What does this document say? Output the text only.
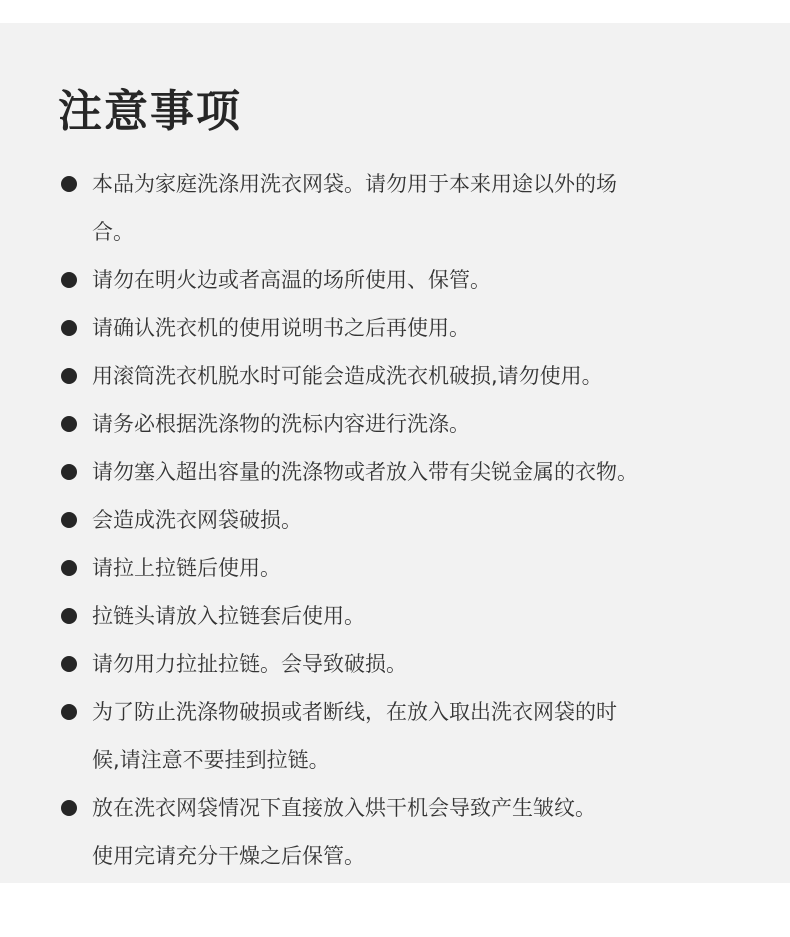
注意事项
本品为家庭洗涤用洗衣网袋。请勿用于本来用途以外的场
合。
请勿在明火边或者高温的场所使用、保管。
请确认洗衣机的使用说明书之后再使用。
用滚筒洗衣机脱水时可能会造成洗衣机破损,请勿使用。
请务必根据洗涤物的洗标内容进行洗涤。
请勿塞入超出容量的洗涤物或者放入带有尖锐金属的衣物。
会造成洗衣网袋破损。
请拉上拉链后使用。
拉链头请放入拉链套后使用。
请勿用力拉扯拉链。会导致破损。
为了防止洗涤物破损或者断线，在放入取出洗衣网袋的时
候,请注意不要挂到拉链。
放在洗衣网袋情况下直接放入烘干机会导致产生皱纹。
使用完请充分干燥之后保管。
